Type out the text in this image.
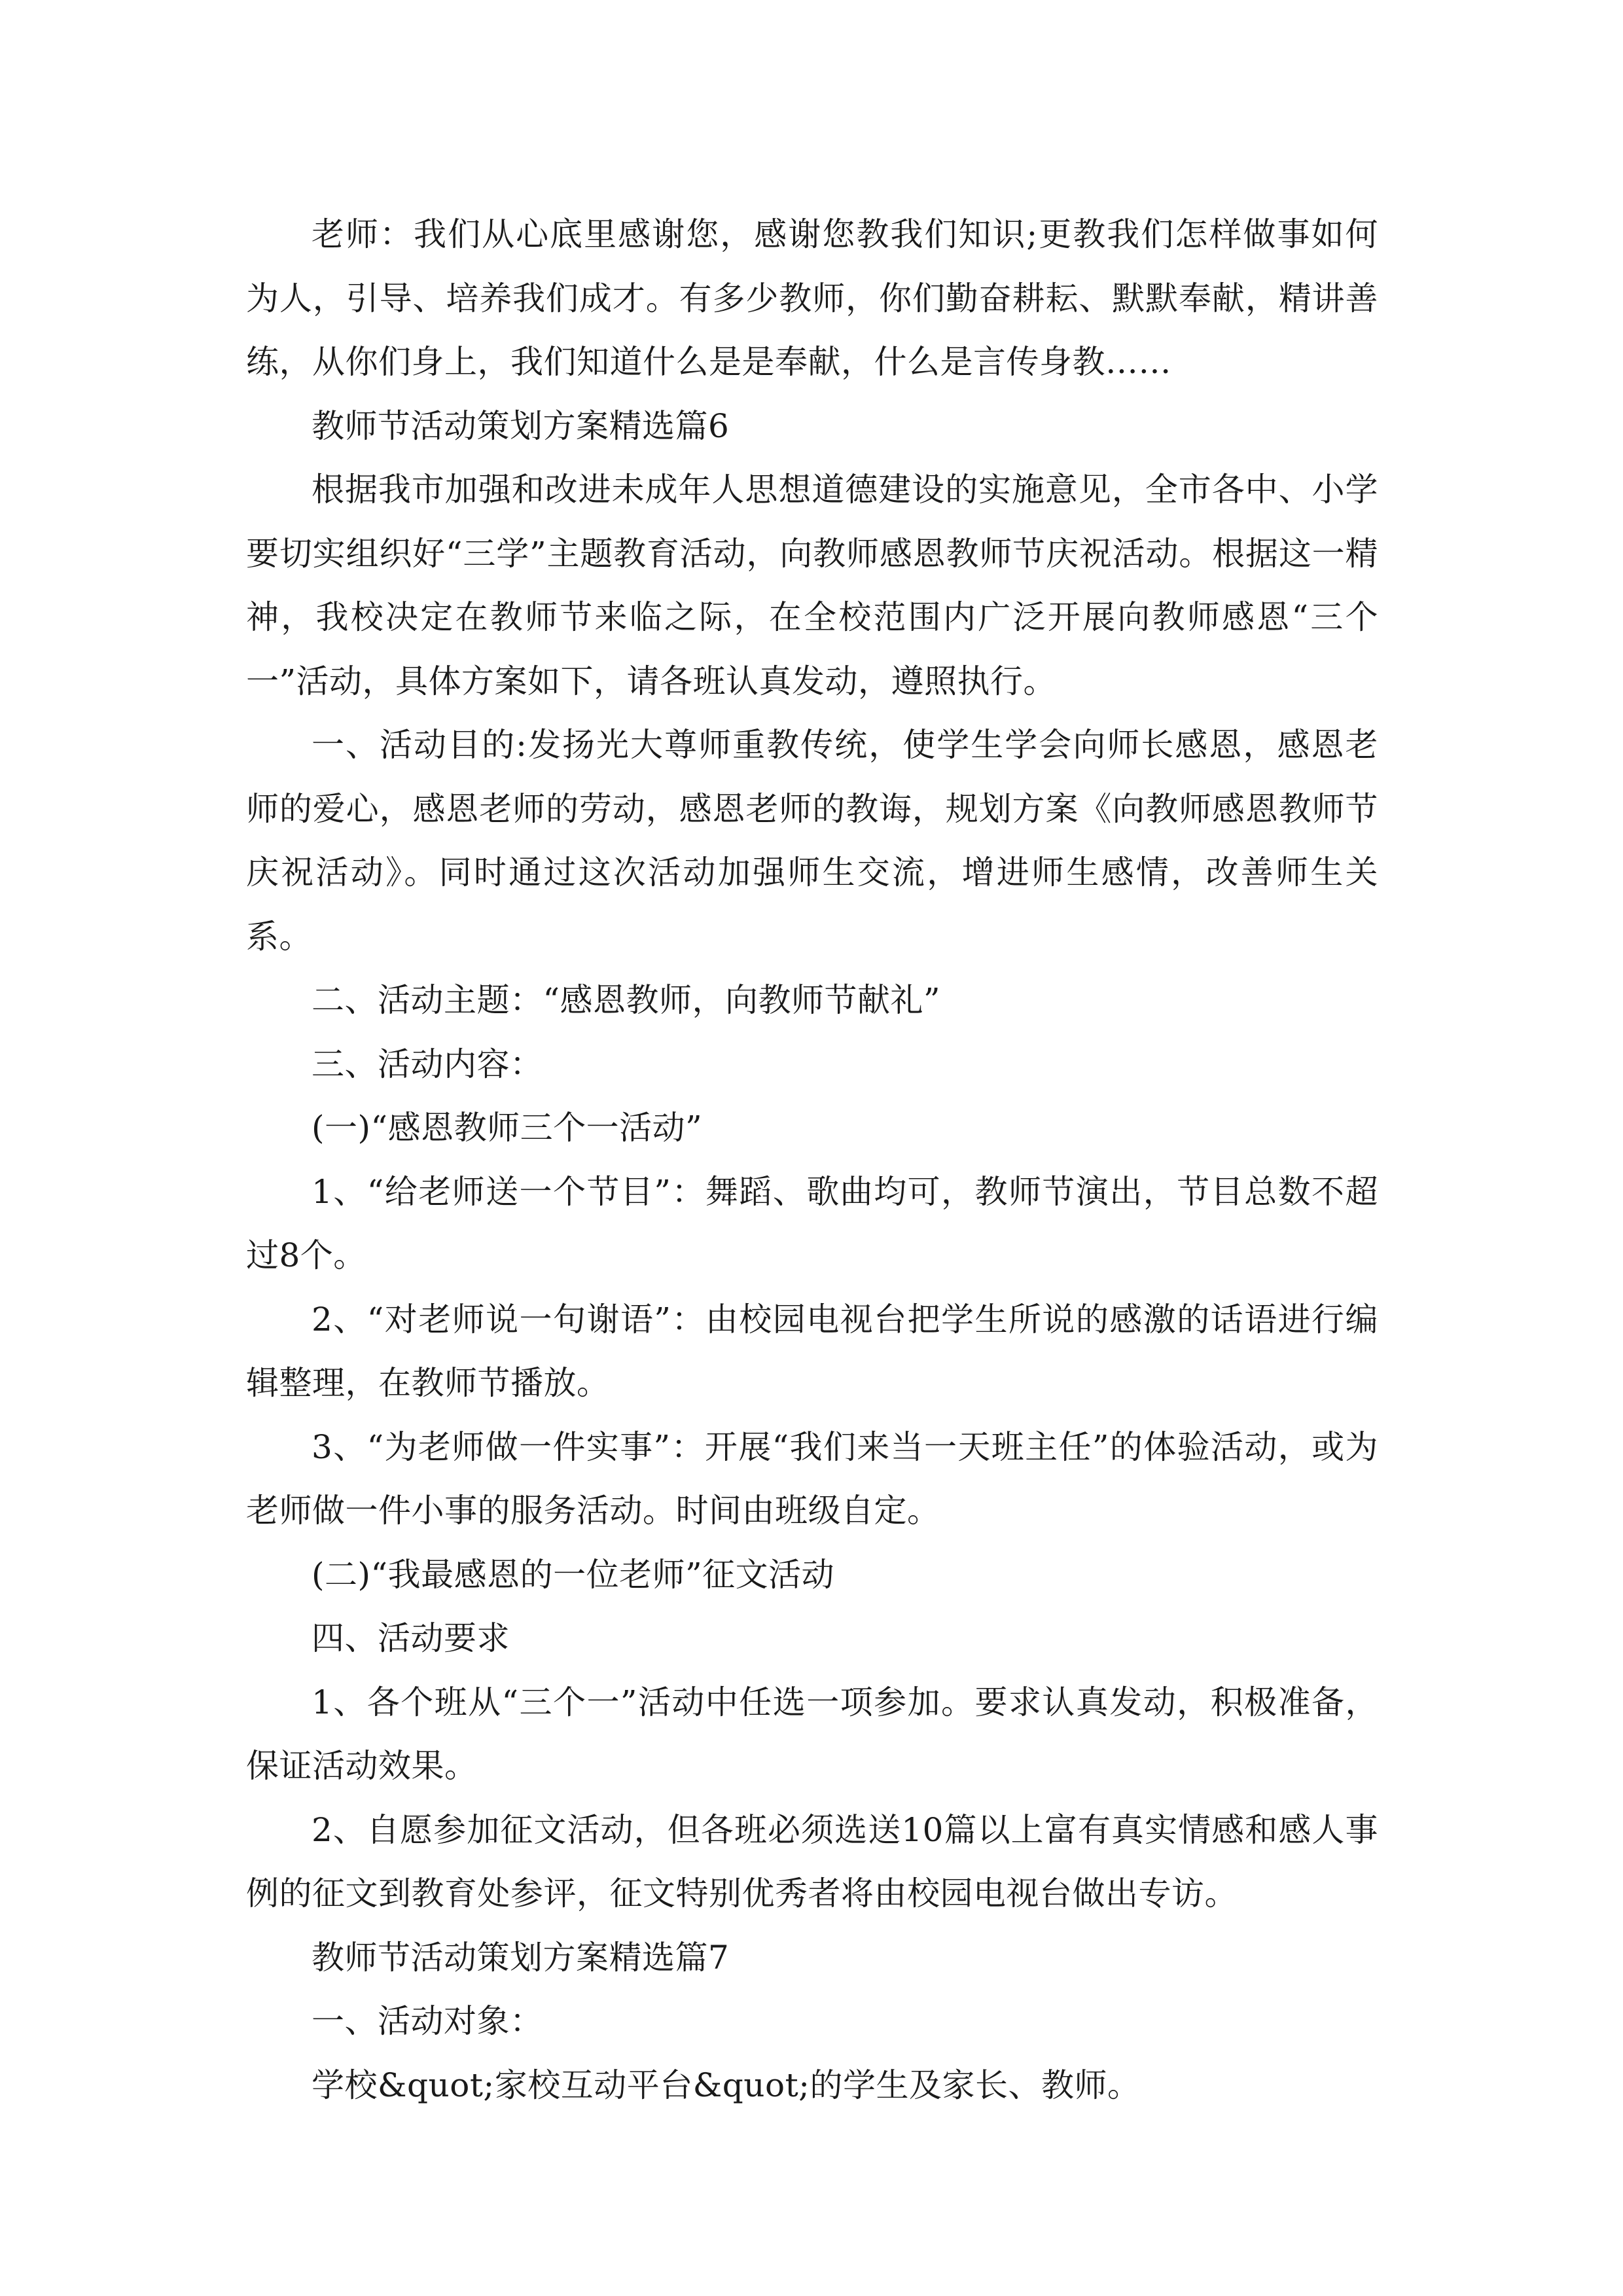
老师：我们从心底里感谢您，感谢您教我们知识;更教我们怎样做事如何为人，引导、培养我们成才。有多少教师，你们勤奋耕耘、默默奉献，精讲善练，从你们身上，我们知道什么是是奉献，什么是言传身教……

教师节活动策划方案精选篇6

根据我市加强和改进未成年人思想道德建设的实施意见，全市各中、小学要切实组织好“三学”主题教育活动，向教师感恩教师节庆祝活动。根据这一精神，我校决定在教师节来临之际，在全校范围内广泛开展向教师感恩“三个一”活动，具体方案如下，请各班认真发动，遵照执行。

一、活动目的:发扬光大尊师重教传统，使学生学会向师长感恩，感恩老师的爱心，感恩老师的劳动，感恩老师的教诲，规划方案《向教师感恩教师节庆祝活动》。同时通过这次活动加强师生交流，增进师生感情，改善师生关系。

二、活动主题：“感恩教师，向教师节献礼”

三、活动内容：

(一)“感恩教师三个一活动”

1、“给老师送一个节目”：舞蹈、歌曲均可，教师节演出，节目总数不超过8个。

2、“对老师说一句谢语”：由校园电视台把学生所说的感激的话语进行编辑整理，在教师节播放。

3、“为老师做一件实事”：开展“我们来当一天班主任”的体验活动，或为老师做一件小事的服务活动。时间由班级自定。

(二)“我最感恩的一位老师”征文活动

四、活动要求

1、各个班从“三个一”活动中任选一项参加。要求认真发动，积极准备，保证活动效果。

2、自愿参加征文活动，但各班必须选送10篇以上富有真实情感和感人事例的征文到教育处参评，征文特别优秀者将由校园电视台做出专访。

教师节活动策划方案精选篇7

一、活动对象：

学校&quot;家校互动平台&quot;的学生及家长、教师。
